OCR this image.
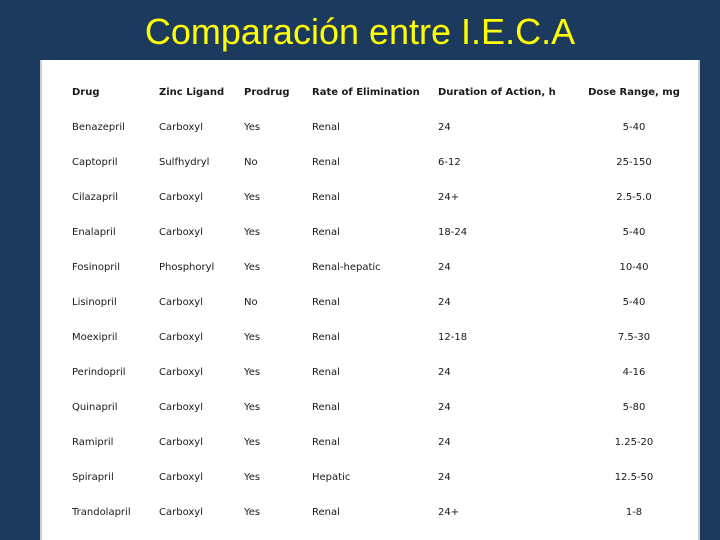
Comparación entre I.E.C.A
Drug	Zinc Ligand	Prodrug	Rate of Elimination	Duration of Action, h	Dose Range, mg
Benazepril	Carboxyl	Yes	Renal	24	5-40
Captopril	Sulfhydryl	No	Renal	6-12	25-150
Cilazapril	Carboxyl	Yes	Renal	24+	2.5-5.0
Enalapril	Carboxyl	Yes	Renal	18-24	5-40
Fosinopril	Phosphoryl	Yes	Renal-hepatic	24	10-40
Lisinopril	Carboxyl	No	Renal	24	5-40
Moexipril	Carboxyl	Yes	Renal	12-18	7.5-30
Perindopril	Carboxyl	Yes	Renal	24	4-16
Quinapril	Carboxyl	Yes	Renal	24	5-80
Ramipril	Carboxyl	Yes	Renal	24	1.25-20
Spirapril	Carboxyl	Yes	Hepatic	24	12.5-50
Trandolapril	Carboxyl	Yes	Renal	24+	1-8
